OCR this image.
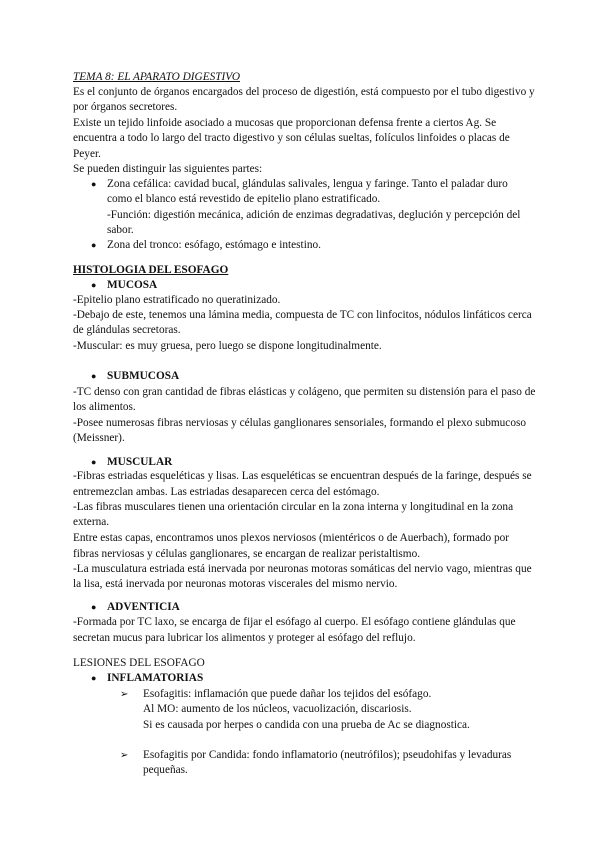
TEMA 8: EL APARATO DIGESTIVO
Es el conjunto de órganos encargados del proceso de digestión, está compuesto por el tubo digestivo y
por órganos secretores.
Existe un tejido linfoide asociado a mucosas que proporcionan defensa frente a ciertos Ag. Se
encuentra a todo lo largo del tracto digestivo y son células sueltas, folículos linfoides o placas de
Peyer.
Se pueden distinguir las siguientes partes:
● Zona cefálica: cavidad bucal, glándulas salivales, lengua y faringe. Tanto el paladar duro
como el blanco está revestido de epitelio plano estratificado.
-Función: digestión mecánica, adición de enzimas degradativas, deglución y percepción del
sabor.
● Zona del tronco: esófago, estómago e intestino.
HISTOLOGIA DEL ESOFAGO
● MUCOSA
-Epitelio plano estratificado no queratinizado.
-Debajo de este, tenemos una lámina media, compuesta de TC con linfocitos, nódulos linfáticos cerca
de glándulas secretoras.
-Muscular: es muy gruesa, pero luego se dispone longitudinalmente.
● SUBMUCOSA
-TC denso con gran cantidad de fibras elásticas y colágeno, que permiten su distensión para el paso de
los alimentos.
-Posee numerosas fibras nerviosas y células ganglionares sensoriales, formando el plexo submucoso
(Meissner).
● MUSCULAR
-Fibras estriadas esqueléticas y lisas. Las esqueléticas se encuentran después de la faringe, después se
entremezclan ambas. Las estriadas desaparecen cerca del estómago.
-Las fibras musculares tienen una orientación circular en la zona interna y longitudinal en la zona
externa.
Entre estas capas, encontramos unos plexos nerviosos (mientéricos o de Auerbach), formado por
fibras nerviosas y células ganglionares, se encargan de realizar peristaltismo.
-La musculatura estriada está inervada por neuronas motoras somáticas del nervio vago, mientras que
la lisa, está inervada por neuronas motoras viscerales del mismo nervio.
● ADVENTICIA
-Formada por TC laxo, se encarga de fijar el esófago al cuerpo. El esófago contiene glándulas que
secretan mucus para lubricar los alimentos y proteger al esófago del reflujo.
LESIONES DEL ESOFAGO
● INFLAMATORIAS
➢ Esofagitis: inflamación que puede dañar los tejidos del esófago.
Al MO: aumento de los núcleos, vacuolización, discariosis.
Si es causada por herpes o candida con una prueba de Ac se diagnostica.
➢ Esofagitis por Candida: fondo inflamatorio (neutrófilos); pseudohifas y levaduras
pequeñas.
